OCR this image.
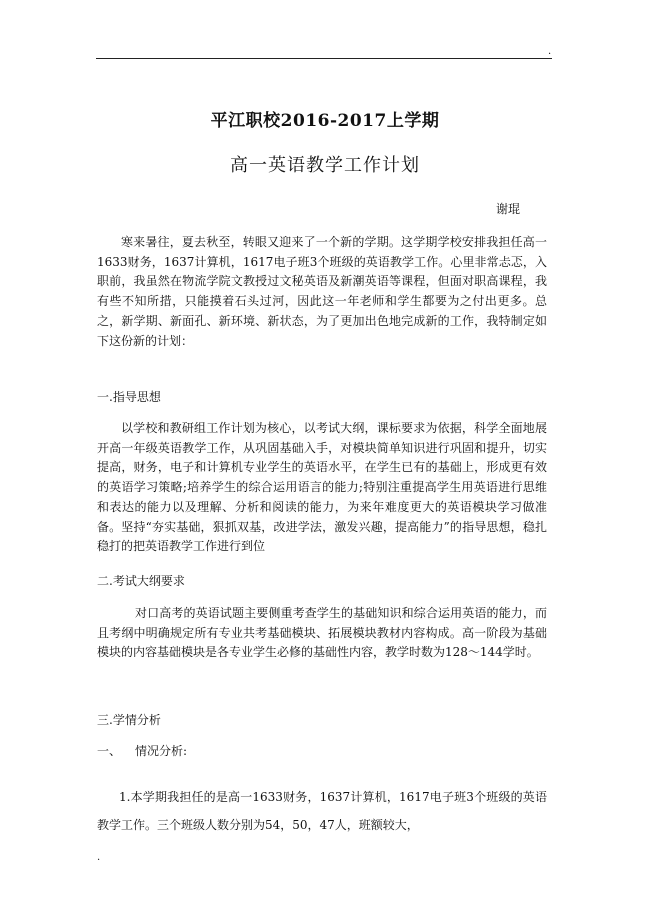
.
平江职校2016-2017上学期
高一英语教学工作计划
谢琨

寒来暑往，夏去秋至，转眼又迎来了一个新的学期。这学期学校安排我担任高一1633财务，1637计算机，1617电子班3个班级的英语教学工作。心里非常忐忑，入职前，我虽然在物流学院文教授过文秘英语及新潮英语等课程，但面对职高课程，我有些不知所措，只能摸着石头过河，因此这一年老师和学生都要为之付出更多。总之，新学期、新面孔、新环境、新状态，为了更加出色地完成新的工作，我特制定如下这份新的计划：

一.指导思想

以学校和教研组工作计划为核心，以考试大纲，课标要求为依据，科学全面地展开高一年级英语教学工作，从巩固基础入手，对模块简单知识进行巩固和提升，切实提高，财务，电子和计算机专业学生的英语水平，在学生已有的基础上，形成更有效的英语学习策略;培养学生的综合运用语言的能力;特别注重提高学生用英语进行思维和表达的能力以及理解、分析和阅读的能力，为来年难度更大的英语模块学习做准备。坚持“夯实基础，狠抓双基，改进学法，激发兴趣，提高能力”的指导思想，稳扎稳打的把英语教学工作进行到位

二.考试大纲要求

对口高考的英语试题主要侧重考查学生的基础知识和综合运用英语的能力，而且考纲中明确规定所有专业共考基础模块、拓展模块教材内容构成。高一阶段为基础模块的内容基础模块是各专业学生必修的基础性内容，教学时数为128～144学时。

三.学情分析
一、 情况分析:

1.本学期我担任的是高一1633财务，1637计算机，1617电子班3个班级的英语教学工作。三个班级人数分别为54，50，47人，班额较大，

.
